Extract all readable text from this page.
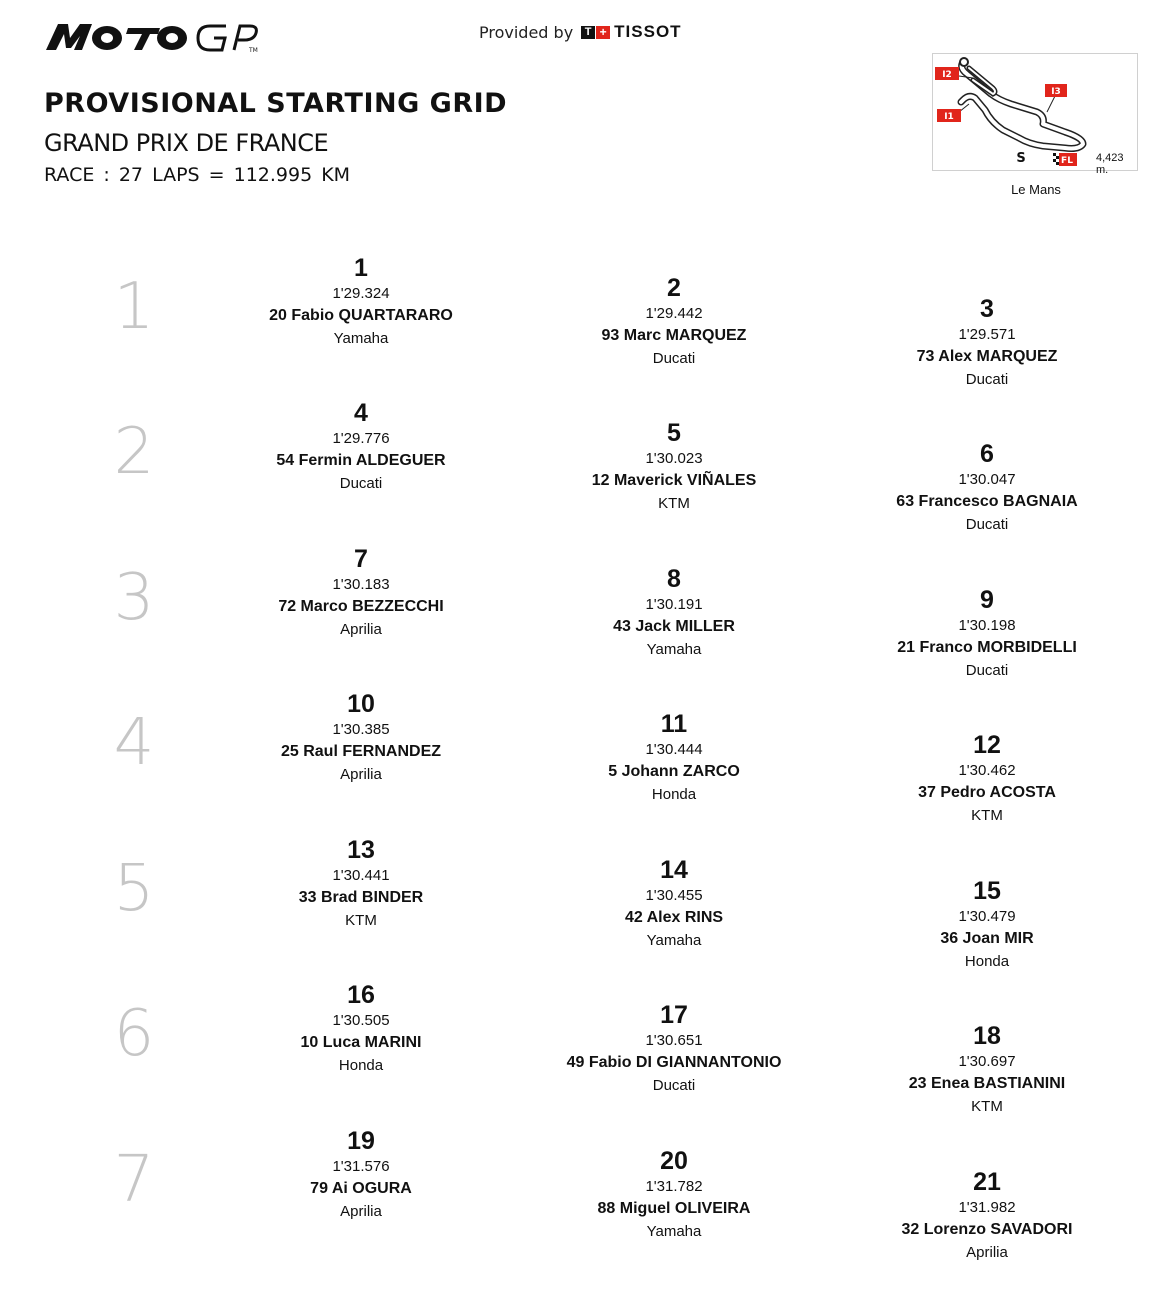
TM
Provided by	T + TISSOT
PROVISIONAL STARTING GRID
GRAND PRIX DE FRANCE
RACE : 27 LAPS = 112.995 KM
I2
I3
I1
S	FL 4,423 m.
Le Mans
1
2
3
4
5
6
7
1
1'29.324
20 Fabio QUARTARARO
Yamaha
2
1'29.442
93 Marc MARQUEZ
Ducati
3
1'29.571
73 Alex MARQUEZ
Ducati
4
1'29.776
54 Fermin ALDEGUER
Ducati
5
1'30.023
12 Maverick VIÑALES
KTM
6
1'30.047
63 Francesco BAGNAIA
Ducati
7
1'30.183
72 Marco BEZZECCHI
Aprilia
8
1'30.191
43 Jack MILLER
Yamaha
9
1'30.198
21 Franco MORBIDELLI
Ducati
10
1'30.385
25 Raul FERNANDEZ
Aprilia
11
1'30.444
5 Johann ZARCO
Honda
12
1'30.462
37 Pedro ACOSTA
KTM
13
1'30.441
33 Brad BINDER
KTM
14
1'30.455
42 Alex RINS
Yamaha
15
1'30.479
36 Joan MIR
Honda
16
1'30.505
10 Luca MARINI
Honda
17
1'30.651
49 Fabio DI GIANNANTONIO
Ducati
18
1'30.697
23 Enea BASTIANINI
KTM
19
1'31.576
79 Ai OGURA
Aprilia
20
1'31.782
88 Miguel OLIVEIRA
Yamaha
21
1'31.982
32 Lorenzo SAVADORI
Aprilia
